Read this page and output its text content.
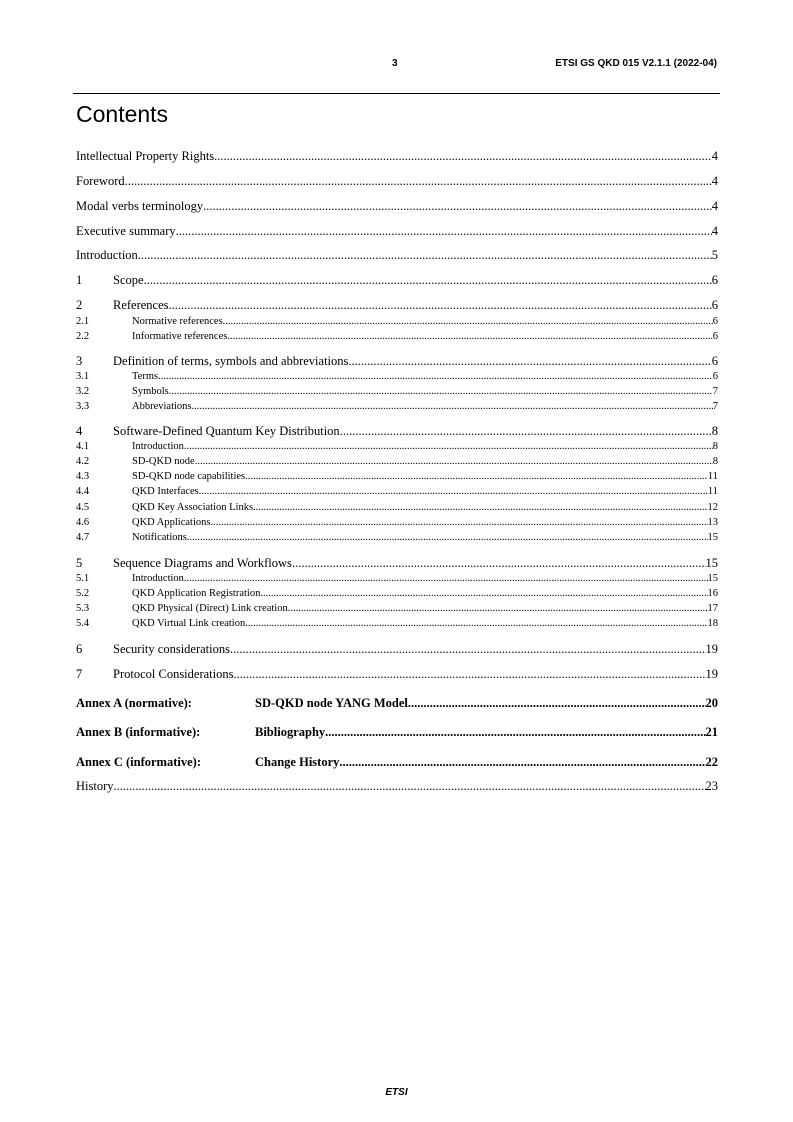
3	ETSI GS QKD 015 V2.1.1 (2022-04)
Contents
Intellectual Property Rights .....	4
Foreword .....	4
Modal verbs terminology .....	4
Executive summary .....	4
Introduction .....	5
1	Scope .....	6
2	References .....	6
2.1	Normative references .....	6
2.2	Informative references .....	6
3	Definition of terms, symbols and abbreviations .....	6
3.1	Terms .....	6
3.2	Symbols .....	7
3.3	Abbreviations .....	7
4	Software-Defined Quantum Key Distribution .....	8
4.1	Introduction .....	8
4.2	SD-QKD node .....	8
4.3	SD-QKD node capabilities .....	11
4.4	QKD Interfaces .....	11
4.5	QKD Key Association Links .....	12
4.6	QKD Applications .....	13
4.7	Notifications .....	15
5	Sequence Diagrams and Workflows .....	15
5.1	Introduction .....	15
5.2	QKD Application Registration .....	16
5.3	QKD Physical (Direct) Link creation .....	17
5.4	QKD Virtual Link creation .....	18
6	Security considerations .....	19
7	Protocol Considerations .....	19
Annex A (normative):	SD-QKD node YANG Model .....	20
Annex B (informative):	Bibliography .....	21
Annex C (informative):	Change History .....	22
History .....	23
ETSI
